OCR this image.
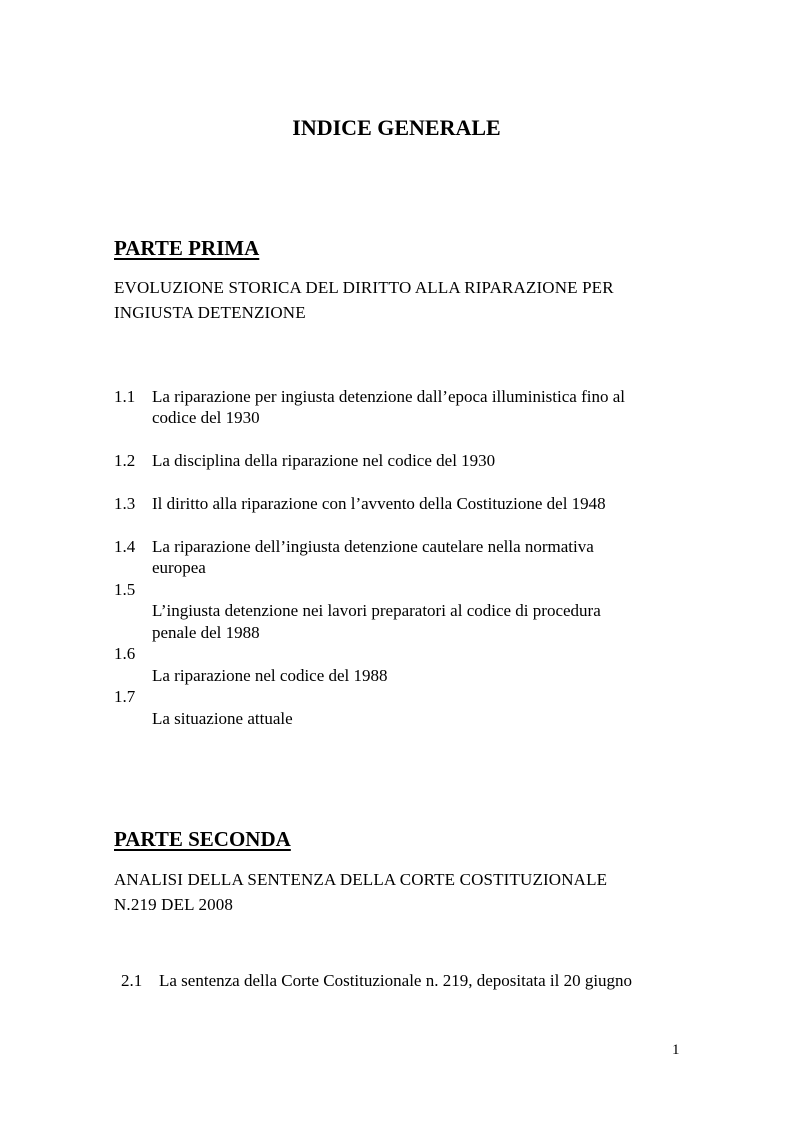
INDICE GENERALE
PARTE PRIMA
EVOLUZIONE STORICA DEL DIRITTO ALLA RIPARAZIONE PER
INGIUSTA DETENZIONE
1.1 La riparazione per ingiusta detenzione dall’epoca illuministica fino al
codice del 1930
1.2 La disciplina della riparazione nel codice del 1930
1.3 Il diritto alla riparazione con l’avvento della Costituzione del 1948
1.4 La riparazione dell’ingiusta detenzione cautelare nella normativa
europea
1.5
L’ingiusta detenzione nei lavori preparatori al codice di procedura
penale del 1988
1.6
La riparazione nel codice del 1988
1.7
La situazione attuale
PARTE SECONDA
ANALISI DELLA SENTENZA DELLA CORTE COSTITUZIONALE
N.219 DEL 2008
2.1 La sentenza della Corte Costituzionale n. 219, depositata il 20 giugno
1
